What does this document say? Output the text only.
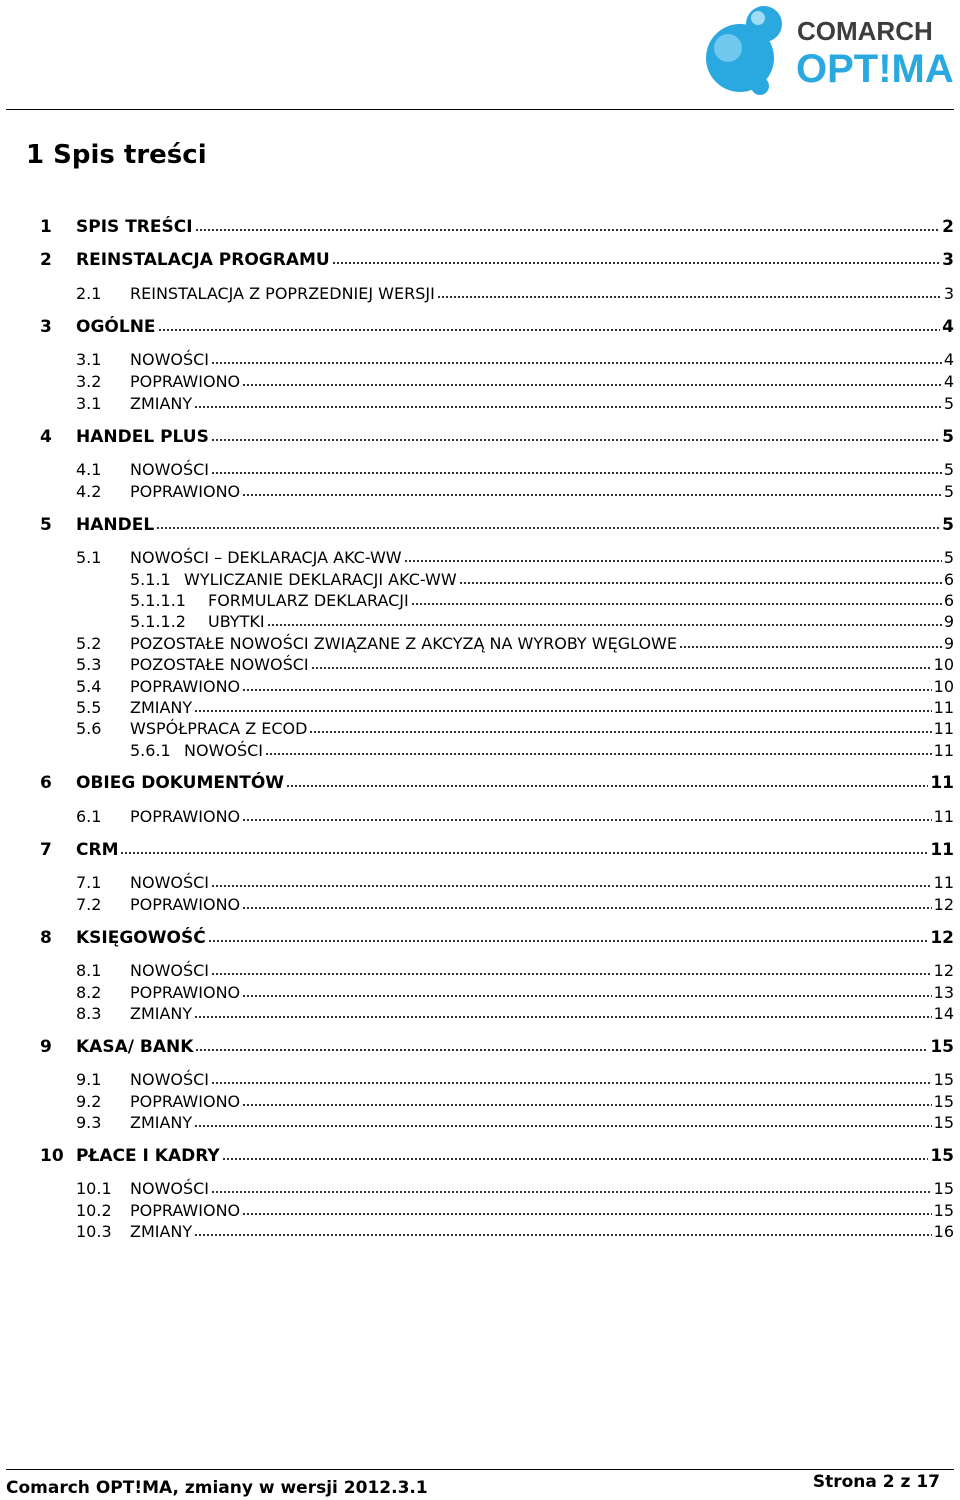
COMARCH
OPT!MA
1 Spis treści
1	SPIS TREŚCI	2
2	REINSTALACJA PROGRAMU	3
2.1	REINSTALACJA Z POPRZEDNIEJ WERSJI	3
3	OGÓLNE	4
3.1	NOWOŚCI	4
3.2	POPRAWIONO	4
3.1	ZMIANY	5
4	HANDEL PLUS	5
4.1	NOWOŚCI	5
4.2	POPRAWIONO	5
5	HANDEL	5
5.1	NOWOŚCI – DEKLARACJA AKC-WW	5
5.1.1 WYLICZANIE DEKLARACJI AKC-WW	6
5.1.1.1	FORMULARZ DEKLARACJI	6
5.1.1.2	UBYTKI	9
5.2	POZOSTAŁE NOWOŚCI ZWIĄZANE Z AKCYZĄ NA WYROBY WĘGLOWE	9
5.3	POZOSTAŁE NOWOŚCI	10
5.4	POPRAWIONO	10
5.5	ZMIANY	11
5.6	WSPÓŁPRACA Z ECOD	11
5.6.1 NOWOŚCI	11
6	OBIEG DOKUMENTÓW	11
6.1	POPRAWIONO	11
7	CRM	11
7.1	NOWOŚCI	11
7.2	POPRAWIONO	12
8	KSIĘGOWOŚĆ	12
8.1	NOWOŚCI	12
8.2	POPRAWIONO	13
8.3	ZMIANY	14
9	KASA/ BANK	15
9.1	NOWOŚCI	15
9.2	POPRAWIONO	15
9.3	ZMIANY	15
10 PŁACE I KADRY	15
10.1	NOWOŚCI	15
10.2	POPRAWIONO	15
10.3	ZMIANY	16
Comarch OPT!MA, zmiany w wersji 2012.3.1	Strona 2 z 17
